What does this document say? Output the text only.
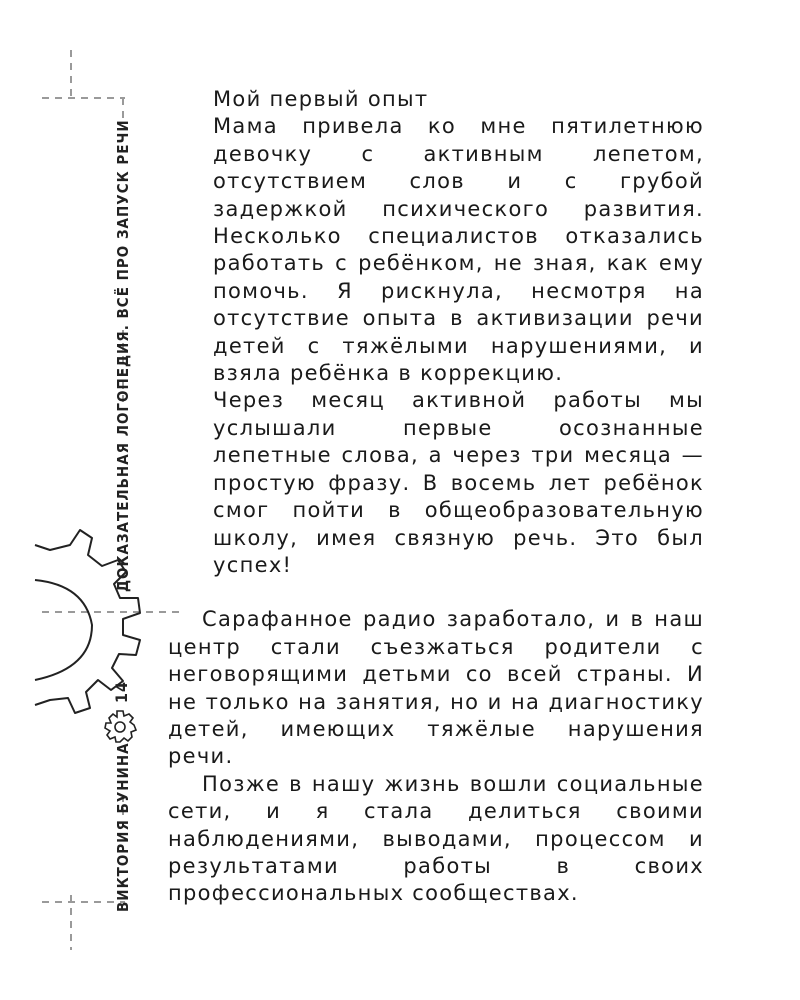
ДОКАЗАТЕЛЬНАЯ ЛОГОПЕДИЯ. ВСЁ ПРО ЗАПУСК РЕЧИ
14
ВИКТОРИЯ БУНИНА

Мой первый опыт

Мама привела ко мне пятилетнюю девочку с активным лепетом, отсутствием слов и с грубой задержкой психического развития. Несколько специалистов отказались работать с ребёнком, не зная, как ему помочь. Я рискнула, несмотря на отсутствие опыта в активизации речи детей с тяжёлыми нарушениями, и взяла ребёнка в коррекцию.

Через месяц активной работы мы услышали первые осознанные лепетные слова, а через три месяца — простую фразу. В восемь лет ребёнок смог пойти в общеобразовательную школу, имея связную речь. Это был успех!

Сарафанное радио заработало, и в наш центр стали съезжаться родители с неговорящими детьми со всей страны. И не только на занятия, но и на диагностику детей, имеющих тяжёлые нарушения речи.

Позже в нашу жизнь вошли социальные сети, и я стала делиться своими наблюдениями, выводами, процессом и результатами работы в своих профессиональных сообществах.
